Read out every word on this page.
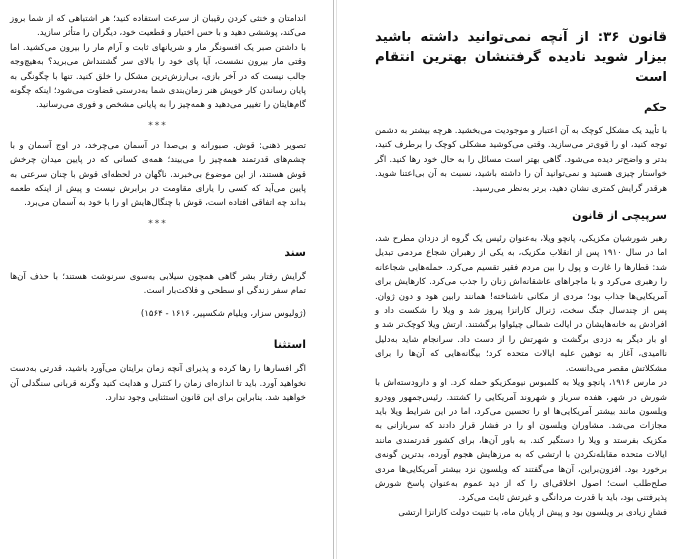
اندامتان و خنثی کردن رقیبان از سرعت استفاده کنید؛ هر اشتباهی که از شما بروز می‌کند، پوششی دهید و با حس اختیار و قطعیت خود، دیگران را متأثر سازید.

با داشتن صبر یک افسونگر مار و شریانهای ثابت و آرام مار را بیرون می‌کشید. اما وقتی مار بیرون نشست، آیا پای خود را بالای سر گشتنداش می‌برید؟ به‌هیچ‌وجه جالب نیست که در آخر بازی، بی‌ارزش‌ترین مشکل را خلق کنید. تنها با چگونگی به پایان رساندن کار خویش هنر زمان‌بندی شما به‌درستی قضاوت می‌شود؛ اینکه چگونه گام‌هایتان را تغییر می‌دهید و همه‌چیز را به پایانی مشخص و فوری می‌رسانید.

***

تصویر ذهنی: قوش. صبورانه و بی‌صدا در آسمان می‌چرخد، در اوج آسمان و با چشم‌های قدرتمند همه‌چیز را می‌بیند؛ همه‌ی کسانی که در پایین میدان چرخش قوش هستند، از این موضوع بی‌خبرند. ناگهان در لحظه‌ای قوش با چنان سرعتی به پایین می‌آید که کسی را یارای مقاومت در برابرش نیست و پیش از اینکه طعمه بداند چه اتفاقی افتاده است، قوش با چنگال‌هایش او را با خود به آسمان می‌برد.

***
سند

گرایش رفتار بشر گاهی همچون سیلابی به‌سوی سرنوشت هستند؛ با حذف آن‌ها تمام سفر زندگی او سطحی و فلاکت‌بار است.

(ژولیوس سزار، ویلیام شکسپیر، ۱۶۱۶ - ۱۵۶۴)

استثنا

اگر افسارها را رها کرده و پذیرای آنچه زمان برایتان می‌آورد باشید، قدرتی به‌دست نخواهید آورد. باید تا اندازه‌ای زمان را کنترل و هدایت کنید وگرنه قربانی سنگدلی آن خواهید شد. بنابراین برای این قانون استثنایی وجود ندارد.

قانون ۳۶: از آنچه نمی‌توانید داشته باشید بیزار شوید نادیده گرفتنشان بهترین انتقام است
حکم

با تأیید یک مشکل کوچک به آن اعتبار و موجودیت می‌بخشید. هرچه بیشتر به دشمن توجه کنید، او را قوی‌تر می‌سازید. وقتی می‌کوشید مشکلی کوچک را برطرف کنید، بدتر و واضح‌تر دیده می‌شود. گاهی بهتر است مسائل را به حال خود رها کنید. اگر خواستار چیزی هستید و نمی‌توانید آن را داشته باشید، نسبت به آن بی‌اعتنا شوید. هرقدر گرایش کمتری نشان دهید، برتر به‌نظر می‌رسید.

سرپیچی از قانون

رهبر شورشیان مکزیکی، پانچو ویلا، به‌عنوان رئیس یک گروه از دزدان مطرح شد، اما در سال ۱۹۱۰ پس از انقلاب مکزیک، به یکی از رهبران شجاع مردمی تبدیل شد: قطارها را غارت و پول را بین مردم فقیر تقسیم می‌کرد. حمله‌هایی شجاعانه را رهبری می‌کرد و با ماجراهای عاشقانه‌اش زنان را جذب می‌کرد. کارهایش برای آمریکایی‌ها جذاب بود؛ مردی از مکانی ناشناخته! همانند رابین هود و دون ژوان. پس از چندسال جنگ سخت، ژنرال کارانزا پیروز شد و ویلا را شکست داد و افرادش به خانه‌هایشان در ایالت شمالی چیئواوا برگشتند. ارتش ویلا کوچک‌تر شد و او بار دیگر به دزدی برگشت و شهرتش را از دست داد. سرانجام شاید به‌دلیل ناامیدی، آغاز به توهین علیه ایالات متحده کرد؛ بیگانه‌هایی که آن‌ها را برای مشکلاتش مقصر می‌دانست.

در مارس ۱۹۱۶، پانچو ویلا به کلمبوس نیومکزیکو حمله کرد. او و دارودسته‌اش با شورش در شهر، هفده سرباز و شهروند آمریکایی را کشتند. رئیس‌جمهور وودرو ویلسون مانند بیشتر آمریکایی‌ها او را تحسین می‌کرد، اما در این شرایط ویلا باید مجازات می‌شد. مشاوران ویلسون او را در فشار قرار دادند که سربازانی به مکزیک بفرستد و ویلا را دستگیر کند. به باور آن‌ها، برای کشور قدرتمندی مانند ایالات متحده مقابله‌نکردن با ارتشی که به مرزهایش هجوم آورده، بدترین گونه‌ی برخورد بود. افزون‌براین، آن‌ها می‌گفتند که ویلسون نزد بیشتر آمریکایی‌ها مردی صلح‌طلب است؛ اصول اخلاقی‌ای را که از دید عموم به‌عنوان پاسخ شورش پذیرفتنی بود، باید با قدرت مردانگی و غیرتش ثابت می‌کرد.

فشارِ زیادی بر ویلسون بود و پیش از پایان ماه، با تثبیت دولت کارانزا ارتشی
